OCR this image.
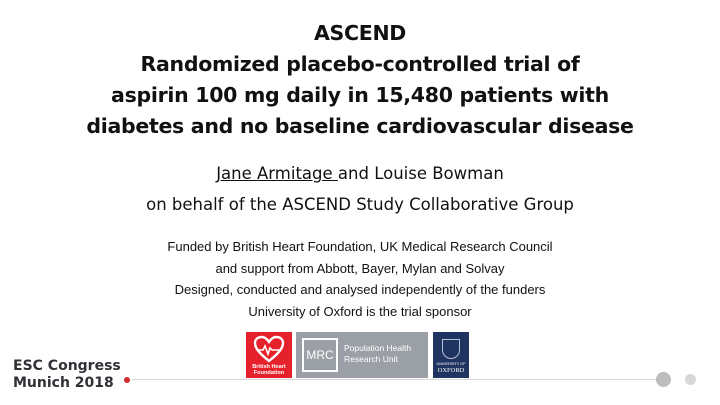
ASCEND
Randomized placebo-controlled trial of
aspirin 100 mg daily in 15,480 patients with
diabetes and no baseline cardiovascular disease
Jane Armitage and Louise Bowman
on behalf of the ASCEND Study Collaborative Group
Funded by British Heart Foundation, UK Medical Research Council
and support from Abbott, Bayer, Mylan and Solvay
Designed, conducted and analysed independently of the funders
University of Oxford is the trial sponsor
British Heart
Foundation
MRC	Population Health
Research Unit	UNIVERSITY OF
OXFORD
ESC Congress
Munich 2018
